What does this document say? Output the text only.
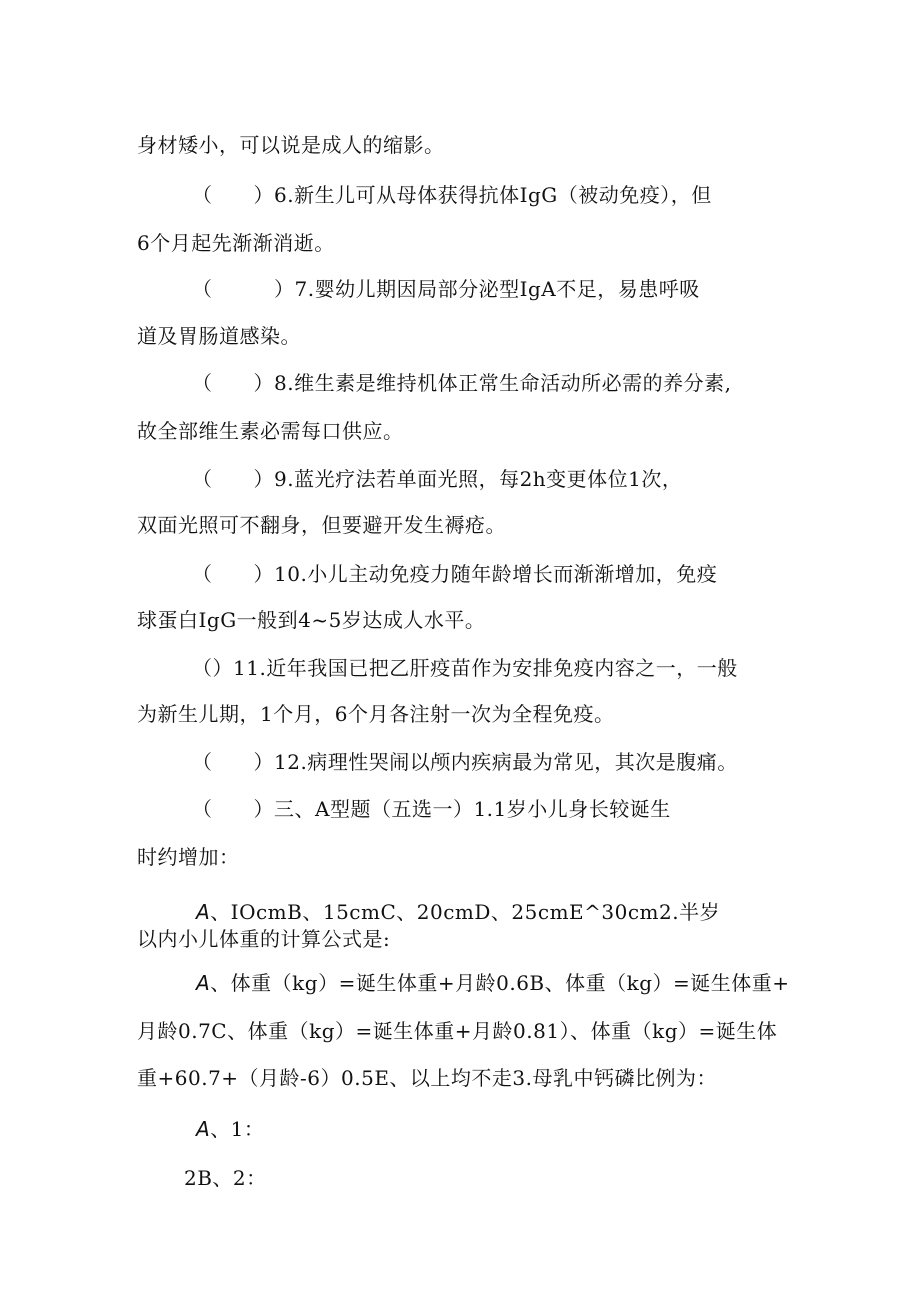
身材矮小，可以说是成人的缩影。
（　　）6.新生儿可从母体获得抗体IgG（被动免疫），但
6个月起先渐渐消逝。
（　　　）7.婴幼儿期因局部分泌型IgA不足，易患呼吸
道及胃肠道感染。
（　　）8.维生素是维持机体正常生命活动所必需的养分素,
故全部维生素必需每口供应。
（　　）9.蓝光疗法若单面光照，每2h变更体位1次，
双面光照可不翻身，但要避开发生褥疮。
（　　）10.小儿主动免疫力随年龄增长而渐渐增加，免疫
球蛋白IgG一般到4~5岁达成人水平。
（）11.近年我国已把乙肝疫苗作为安排免疫内容之一，一般
为新生儿期，1个月，6个月各注射一次为全程免疫。
（　　）12.病理性哭闹以颅内疾病最为常见，其次是腹痛。
（　　）三、A型题（五选一）1.1岁小儿身长较诞生
时约增加：
A、IOcmB、15cmC、20cmD、25cmE^30cm2.半岁
以内小儿体重的计算公式是:
A、体重（kg）=诞生体重+月龄0.6B、体重（kg）=诞生体重+
月龄0.7C、体重（kg）=诞生体重+月龄0.81）、体重（kg）=诞生体
重+60.7+（月龄-6）0.5E、以上均不走3.母乳中钙磷比例为：
A、1：
2B、2：
